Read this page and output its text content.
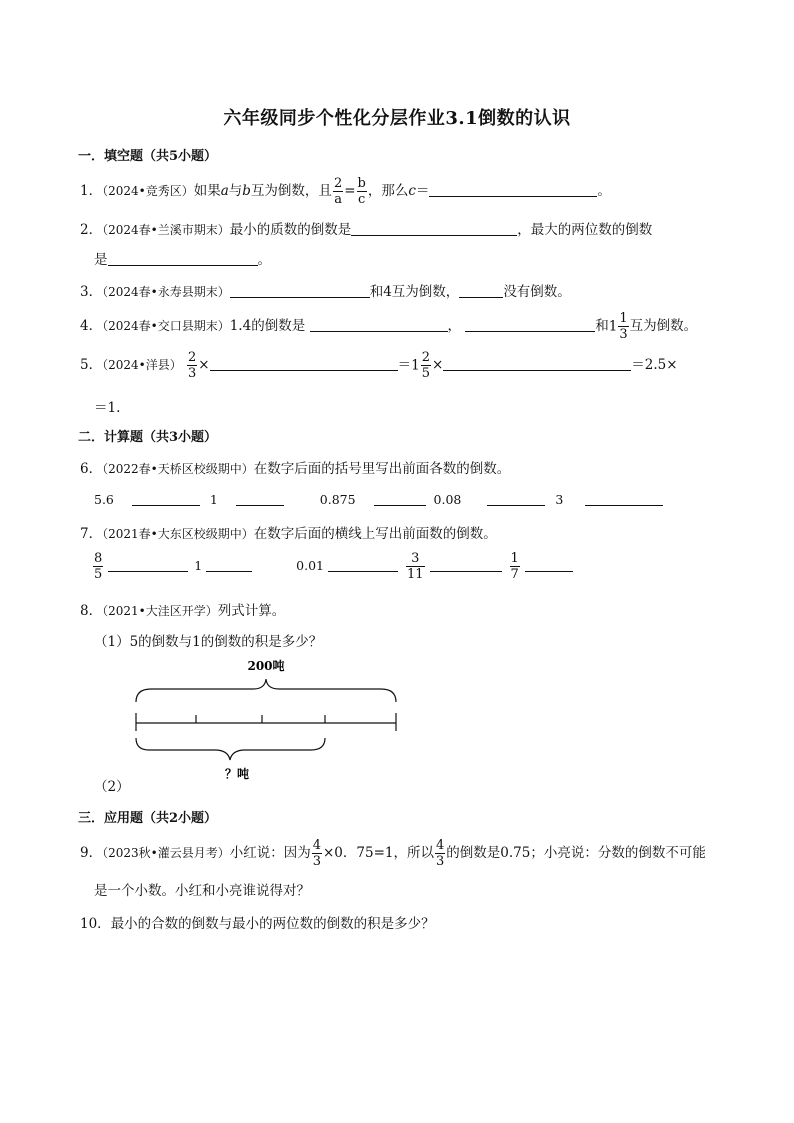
六年级同步个性化分层作业3.1倒数的认识
一．填空题（共5小题）
1．（2024•竞秀区）如果a与b互为倒数，且 $\frac{2}{a} = \frac{b}{c}$ ，那么c＝	。
2．（2024春•兰溪市期末）最小的质数的倒数是	，最大的两位数的倒数
是	。
3．（2024春•永寿县期末）	和4互为倒数，	没有倒数。
4．（2024春•交口县期末）1.4的倒数是	，	和$1 \frac{1}{3}$ 互为倒数。
5．（2024•洋县） $\frac{2}{3}$ ×	$=1 \frac{2}{5}$ ×	＝2.5×
＝1.
二．计算题（共3小题）
6．（2022春•天桥区校级期中）在数字后面的括号里写出前面各数的倒数。
5.6	1	0.875	0.08	3
7．（2021春•大东区校级期中）在数字后面的横线上写出前面数的倒数。
$\frac{8}{5}$	1	0.01	$\frac{3}{11}$
	$\frac{1}{7}$

8．（2021•大洼区开学）列式计算。
（1）5的倒数与1的倒数的积是多少？
200吨
？吨
（2）
三．应用题（共2小题）
9．（2023秋•灌云县月考）小红说：因为 $\frac{4}{3} \times 0$．75=1，所以 $\frac{4}{3}$ 的倒数是0.75；小亮说：分数的倒数不可能
是一个小数。小红和小亮谁说得对？
10．最小的合数的倒数与最小的两位数的倒数的积是多少？
